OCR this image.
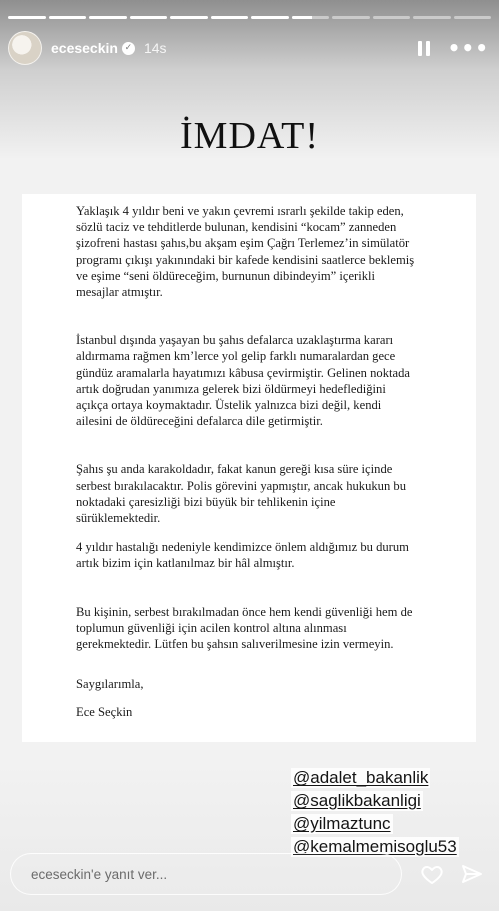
eceseckin ✓ 14s	•••
İMDAT!

Yaklaşık 4 yıldır beni ve yakın çevremi ısrarlı şekilde takip eden, sözlü taciz ve tehditlerde bulunan, kendisini “kocam” zanneden şizofreni hastası şahıs,bu akşam eşim Çağrı Terlemez’in simülatör programı çıkışı yakınındaki bir kafede kendisini saatlerce beklemiş ve eşime “seni öldüreceğim, burnunun dibindeyim” içerikli mesajlar atmıştır.

İstanbul dışında yaşayan bu şahıs defalarca uzaklaştırma kararı aldırmama rağmen km’lerce yol gelip farklı numaralardan gece gündüz aramalarla hayatımızı kâbusa çevirmiştir. Gelinen noktada artık doğrudan yanımıza gelerek bizi öldürmeyi hedeflediğini açıkça ortaya koymaktadır. Üstelik yalnızca bizi değil, kendi ailesini de öldüreceğini defalarca dile getirmiştir.

Şahıs şu anda karakoldadır, fakat kanun gereği kısa süre içinde serbest bırakılacaktır. Polis görevini yapmıştır, ancak hukukun bu noktadaki çaresizliği bizi büyük bir tehlikenin içine sürüklemektedir.

4 yıldır hastalığı nedeniyle kendimizce önlem aldığımız bu durum artık bizim için katlanılmaz bir hâl almıştır.

Bu kişinin, serbest bırakılmadan önce hem kendi güvenliği hem de toplumun güvenliği için acilen kontrol altına alınması gerekmektedir. Lütfen bu şahsın salıverilmesine izin vermeyin.

Saygılarımla,

Ece Seçkin

@adalet_bakanlik
@saglikbakanligi
@yilmaztunc
@kemalmemisoglu53
eceseckin'e yanıt ver...
